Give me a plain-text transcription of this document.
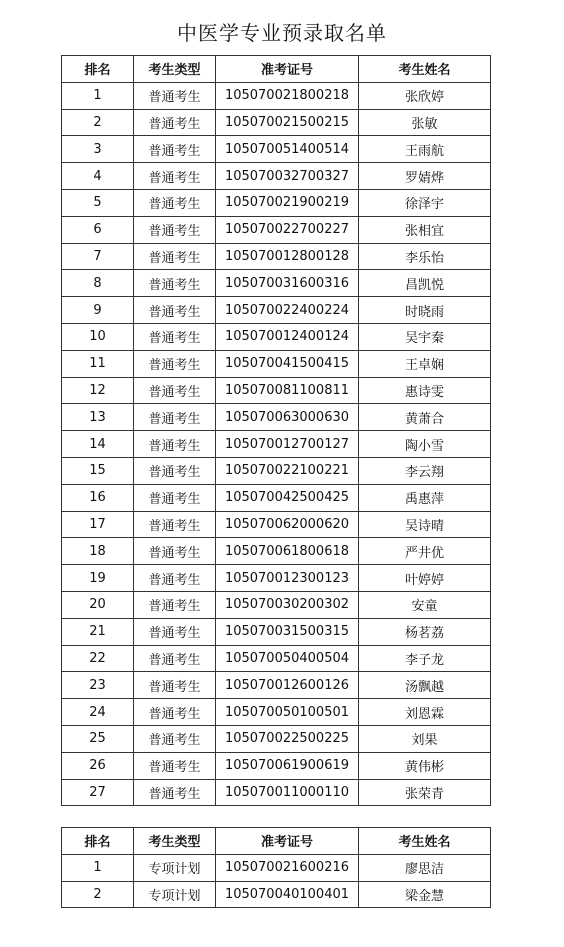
中医学专业预录取名单
排名	考生类型	准考证号	考生姓名
1	普通考生	105070021800218	张欣婷
2	普通考生	105070021500215	张敏
3	普通考生	105070051400514	王雨航
4	普通考生	105070032700327	罗婧烨
5	普通考生	105070021900219	徐泽宇
6	普通考生	105070022700227	张相宜
7	普通考生	105070012800128	李乐怡
8	普通考生	105070031600316	昌凯悦
9	普通考生	105070022400224	时晓雨
10	普通考生	105070012400124	吴宇秦
11	普通考生	105070041500415	王卓娴
12	普通考生	105070081100811	惠诗雯
13	普通考生	105070063000630	黄萧合
14	普通考生	105070012700127	陶小雪
15	普通考生	105070022100221	李云翔
16	普通考生	105070042500425	禹惠萍
17	普通考生	105070062000620	吴诗晴
18	普通考生	105070061800618	严井优
19	普通考生	105070012300123	叶婷婷
20	普通考生	105070030200302	安童
21	普通考生	105070031500315	杨茗荔
22	普通考生	105070050400504	李子龙
23	普通考生	105070012600126	汤飘越
24	普通考生	105070050100501	刘恩霖
25	普通考生	105070022500225	刘果
26	普通考生	105070061900619	黄伟彬
27	普通考生	105070011000110	张荣青
排名	考生类型	准考证号	考生姓名
1	专项计划	105070021600216	廖思洁
2	专项计划	105070040100401	梁金慧
